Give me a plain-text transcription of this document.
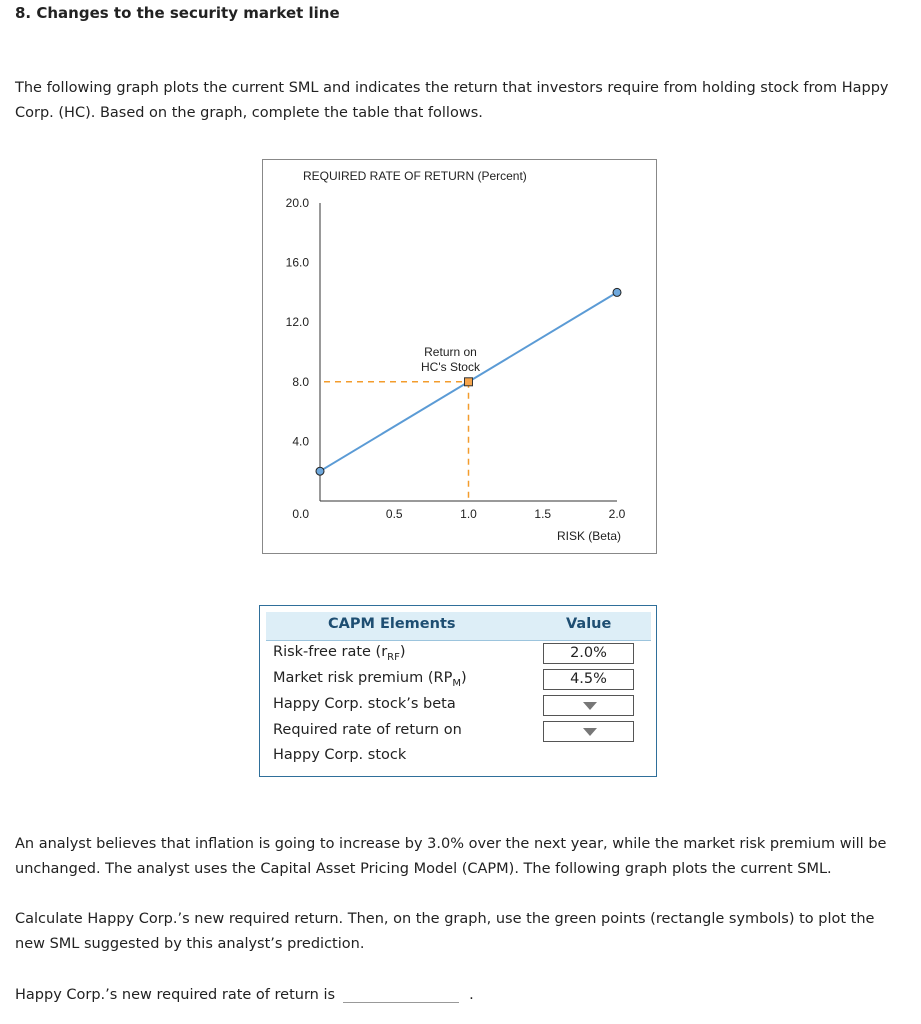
8. Changes to the security market line
The following graph plots the current SML and indicates the return that investors require from holding stock from Happy Corp. (HC). Based on the graph, complete the table that follows.
REQUIRED RATE OF RETURN (Percent)
0.0
4.0
8.0
12.0
16.0
20.0
0.5	1.0	1.5	2.0
Return on
HC's Stock
RISK (Beta)
CAPM Elements	Value
Risk-free rate $(r_{RF})$	2.0%
Market risk premium $(RP_M)$	4.5%
Happy Corp. stock’s beta
Required rate of return on
Happy Corp. stock
An analyst believes that inflation is going to increase by 3.0% over the next year, while the market risk premium will be unchanged. The analyst uses the Capital Asset Pricing Model (CAPM). The following graph plots the current SML.
Calculate Happy Corp.’s new required return. Then, on the graph, use the green points (rectangle symbols) to plot the new SML suggested by this analyst’s prediction.
Happy Corp.’s new required rate of return is	.
